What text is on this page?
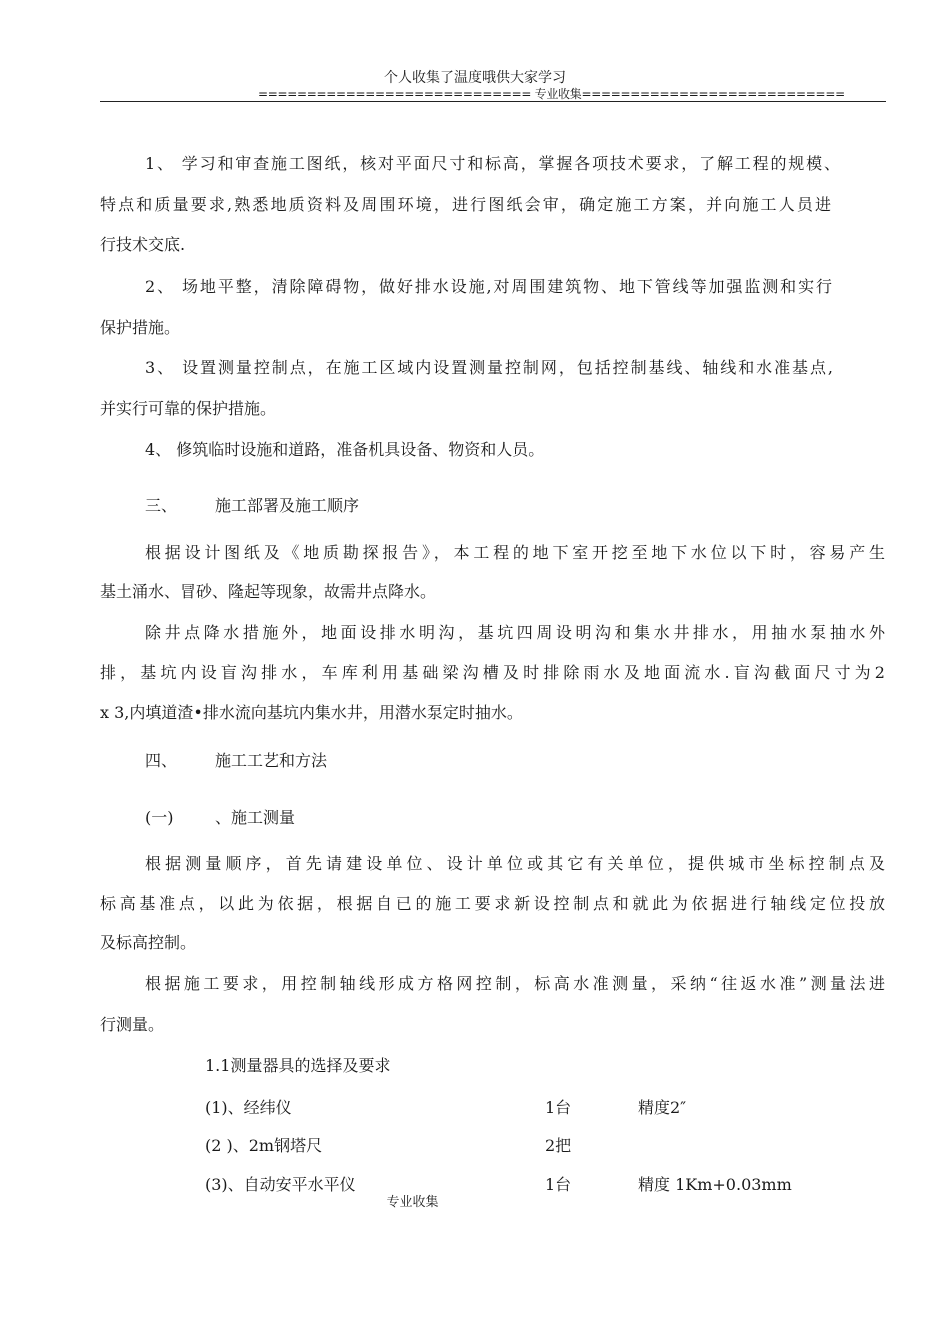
个人收集了温度哦供大家学习
============================ 专业收集===========================
1、 学习和审查施工图纸，核对平面尺寸和标高，掌握各项技术要求，了解工程的规模、
特点和质量要求,熟悉地质资料及周围环境，进行图纸会审，确定施工方案，并向施工人员进
行技术交底.
2、 场地平整，清除障碍物，做好排水设施,对周围建筑物、地下管线等加强监测和实行
保护措施。
3、 设置测量控制点，在施工区域内设置测量控制网，包括控制基线、轴线和水准基点,
并实行可靠的保护措施。
4、 修筑临时设施和道路，准备机具设备、物资和人员。
三、 施工部署及施工顺序
根据设计图纸及《地质勘探报告》，本工程的地下室开挖至地下水位以下时，容易产生
基土涌水、冒砂、隆起等现象，故需井点降水。
除井点降水措施外，地面设排水明沟，基坑四周设明沟和集水井排水，用抽水泵抽水外
排，基坑内设盲沟排水，车库利用基础梁沟槽及时排除雨水及地面流水.盲沟截面尺寸为2
x 3,内填道渣•排水流向基坑内集水井，用潜水泵定时抽水。
四、 施工工艺和方法
(一)	、施工测量
根据测量顺序，首先请建设单位、设计单位或其它有关单位，提供城市坐标控制点及
标高基准点，以此为依据，根据自已的施工要求新设控制点和就此为依据进行轴线定位投放
及标高控制。
根据施工要求，用控制轴线形成方格网控制，标高水准测量，采纳“往返水准”测量法进
行测量。
1.1测量器具的选择及要求
(1)、经纬仪	1台	精度2″
(2 )、2m钢塔尺	2把
(3)、自动安平水平仪	1台	精度 1Km+0.03mm
专业收集
